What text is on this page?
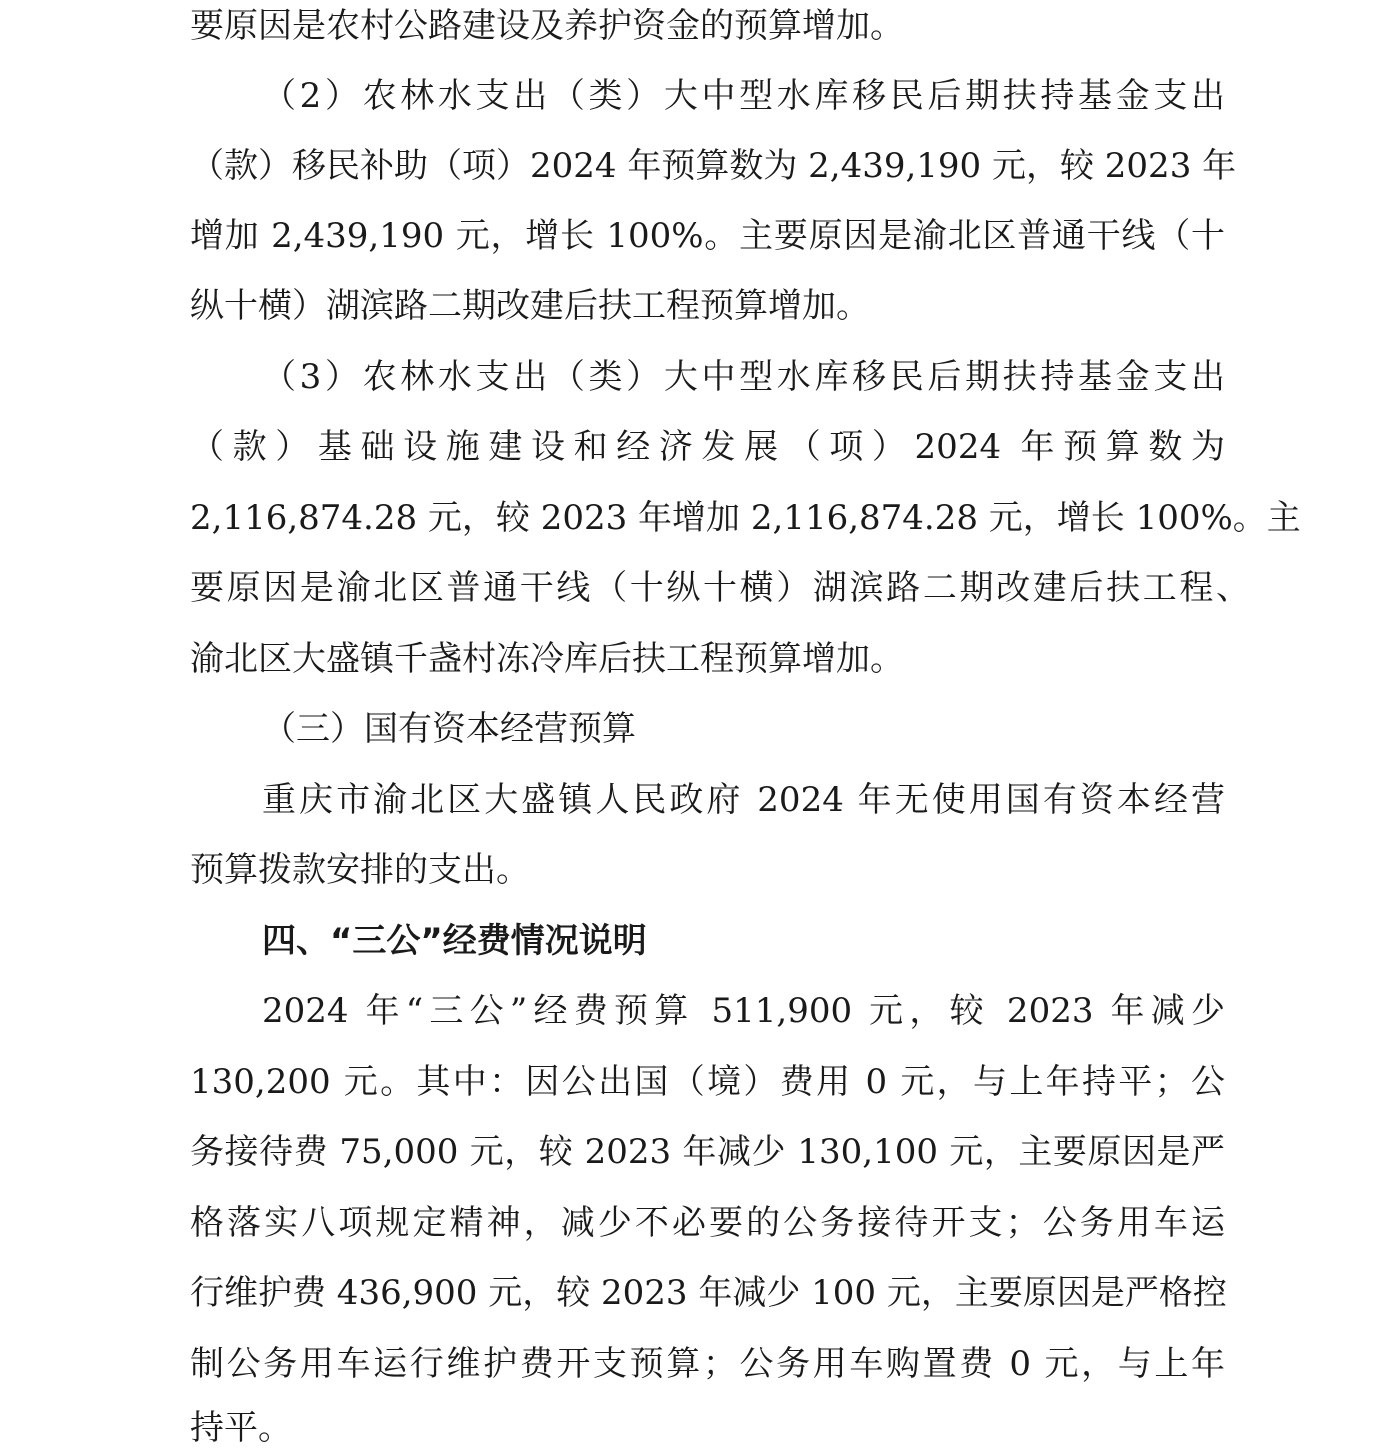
要原因是农村公路建设及养护资金的预算增加。
（2）农林水支出（类）大中型水库移民后期扶持基金支出
（款）移民补助（项）2024 年预算数为 2,439,190 元，较 2023 年
增加 2,439,190 元，增长 100%。主要原因是渝北区普通干线（十
纵十横）湖滨路二期改建后扶工程预算增加。
（3）农林水支出（类）大中型水库移民后期扶持基金支出
（款）基础设施建设和经济发展（项）2024 年预算数为
2,116,874.28 元，较 2023 年增加 2,116,874.28 元，增长 100%。主
要原因是渝北区普通干线（十纵十横）湖滨路二期改建后扶工程、
渝北区大盛镇千盏村冻冷库后扶工程预算增加。
（三）国有资本经营预算
重庆市渝北区大盛镇人民政府 2024 年无使用国有资本经营
预算拨款安排的支出。
四、“三公”经费情况说明
2024 年“三公”经费预算 511,900 元，较 2023 年减少
130,200 元。其中：因公出国（境）费用 0 元，与上年持平；公
务接待费 75,000 元，较 2023 年减少 130,100 元，主要原因是严
格落实八项规定精神，减少不必要的公务接待开支；公务用车运
行维护费 436,900 元，较 2023 年减少 100 元，主要原因是严格控
制公务用车运行维护费开支预算；公务用车购置费 0 元，与上年
持平。
